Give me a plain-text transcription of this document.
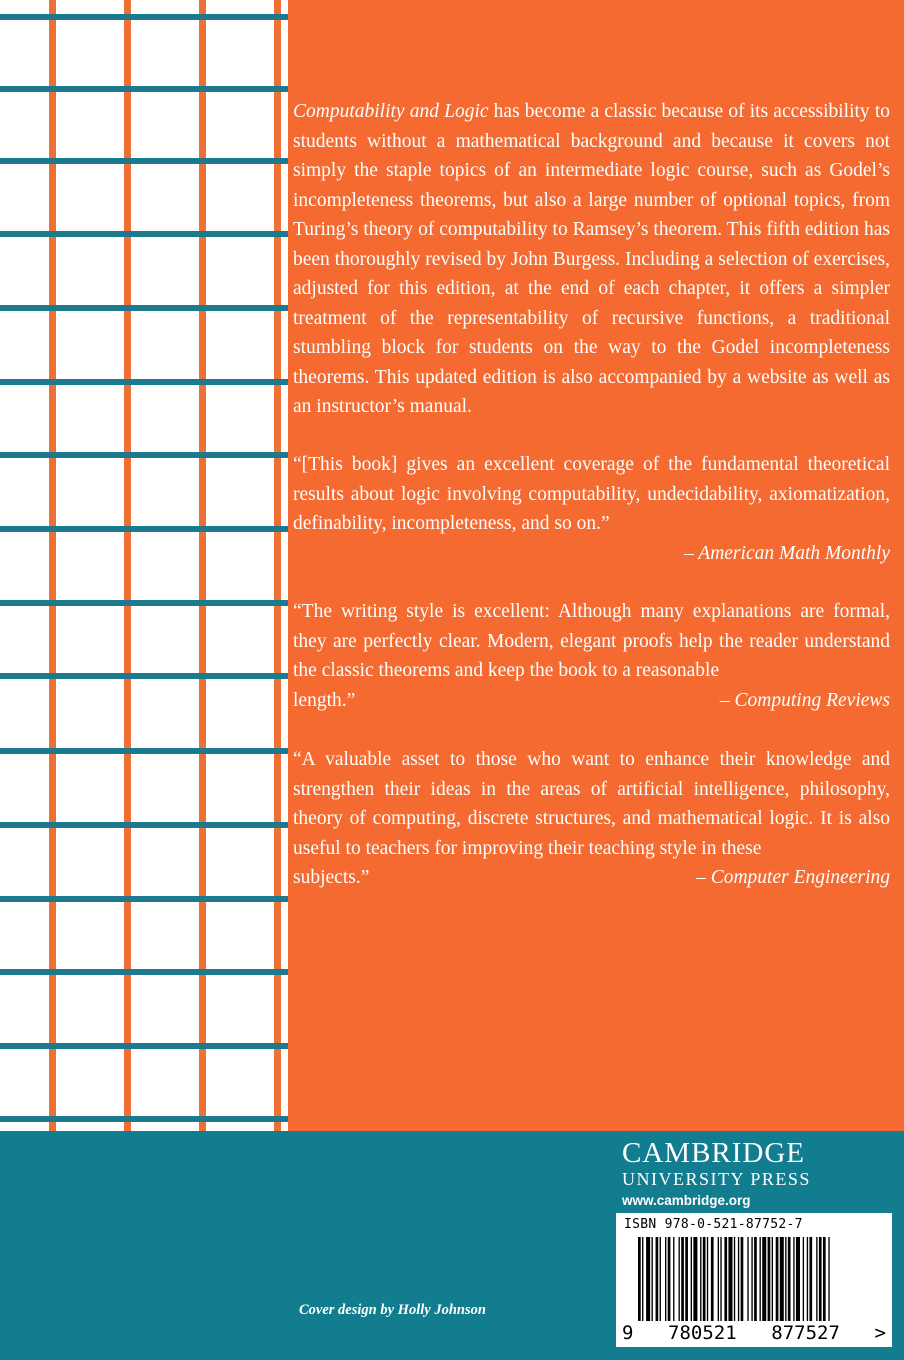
Computability and Logic has become a classic because of its accessibility to students without a mathematical background and because it covers not simply the staple topics of an intermediate logic course, such as Godel’s incompleteness theorems, but also a large number of optional topics, from Turing’s theory of computability to Ramsey’s theorem. This fifth edition has been thoroughly revised by John Burgess. Including a selection of exercises, adjusted for this edition, at the end of each chapter, it offers a simpler treatment of the representability of recursive functions, a traditional stumbling block for students on the way to the Godel incompleteness theorems. This updated edition is also accompanied by a website as well as an instructor’s manual.

“[This book] gives an excellent coverage of the fundamental theoretical results about logic involving computability, undecidability, axiomatization, definability, incompleteness, and so on.”

– American Math Monthly

“The writing style is excellent: Although many explanations are formal, they are perfectly clear. Modern, elegant proofs help the reader understand the classic theorems and keep the book to a reasonable

length.”	– Computing Reviews

“A valuable asset to those who want to enhance their knowledge and strengthen their ideas in the areas of artificial intelligence, philosophy, theory of computing, discrete structures, and mathematical logic. It is also useful to teachers for improving their teaching style in these

subjects.”	– Computer Engineering
CAMBRIDGE
UNIVERSITY PRESS
www.cambridge.org
ISBN 978-0-521-87752-7
9 780521 877527 >
Cover design by Holly Johnson
